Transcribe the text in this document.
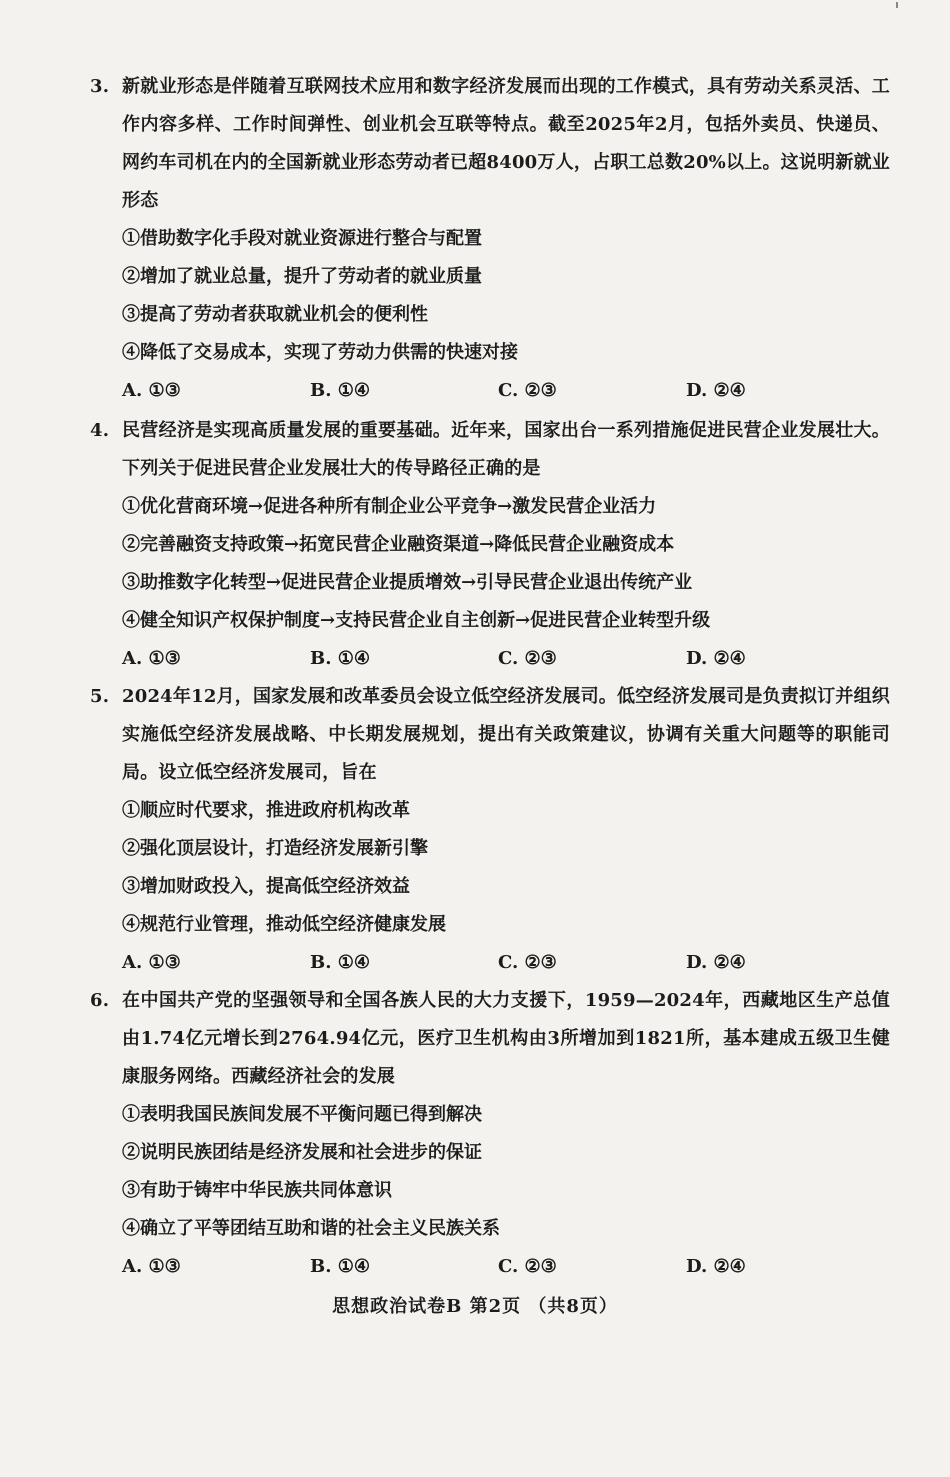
3. 新就业形态是伴随着互联网技术应用和数字经济发展而出现的工作模式，具有劳动关系灵活、工作内容多样、工作时间弹性、创业机会互联等特点。截至2025年2月，包括外卖员、快递员、网约车司机在内的全国新就业形态劳动者已超8400万人，占职工总数20%以上。这说明新就业形态
①借助数字化手段对就业资源进行整合与配置
②增加了就业总量，提升了劳动者的就业质量
③提高了劳动者获取就业机会的便利性
④降低了交易成本，实现了劳动力供需的快速对接
A. ①③	B. ①④	C. ②③	D. ②④
4. 民营经济是实现高质量发展的重要基础。近年来，国家出台一系列措施促进民营企业发展壮大。下列关于促进民营企业发展壮大的传导路径正确的是
①优化营商环境→促进各种所有制企业公平竞争→激发民营企业活力
②完善融资支持政策→拓宽民营企业融资渠道→降低民营企业融资成本
③助推数字化转型→促进民营企业提质增效→引导民营企业退出传统产业
④健全知识产权保护制度→支持民营企业自主创新→促进民营企业转型升级
A. ①③	B. ①④	C. ②③	D. ②④
5. 2024年12月，国家发展和改革委员会设立低空经济发展司。低空经济发展司是负责拟订并组织实施低空经济发展战略、中长期发展规划，提出有关政策建议，协调有关重大问题等的职能司局。设立低空经济发展司，旨在
①顺应时代要求，推进政府机构改革
②强化顶层设计，打造经济发展新引擎
③增加财政投入，提高低空经济效益
④规范行业管理，推动低空经济健康发展
A. ①③	B. ①④	C. ②③	D. ②④
6. 在中国共产党的坚强领导和全国各族人民的大力支援下，1959—2024年，西藏地区生产总值由1.74亿元增长到2764.94亿元，医疗卫生机构由3所增加到1821所，基本建成五级卫生健康服务网络。西藏经济社会的发展
①表明我国民族间发展不平衡问题已得到解决
②说明民族团结是经济发展和社会进步的保证
③有助于铸牢中华民族共同体意识
④确立了平等团结互助和谐的社会主义民族关系
A. ①③	B. ①④	C. ②③	D. ②④
思想政治试卷B 第2页 （共8页）
